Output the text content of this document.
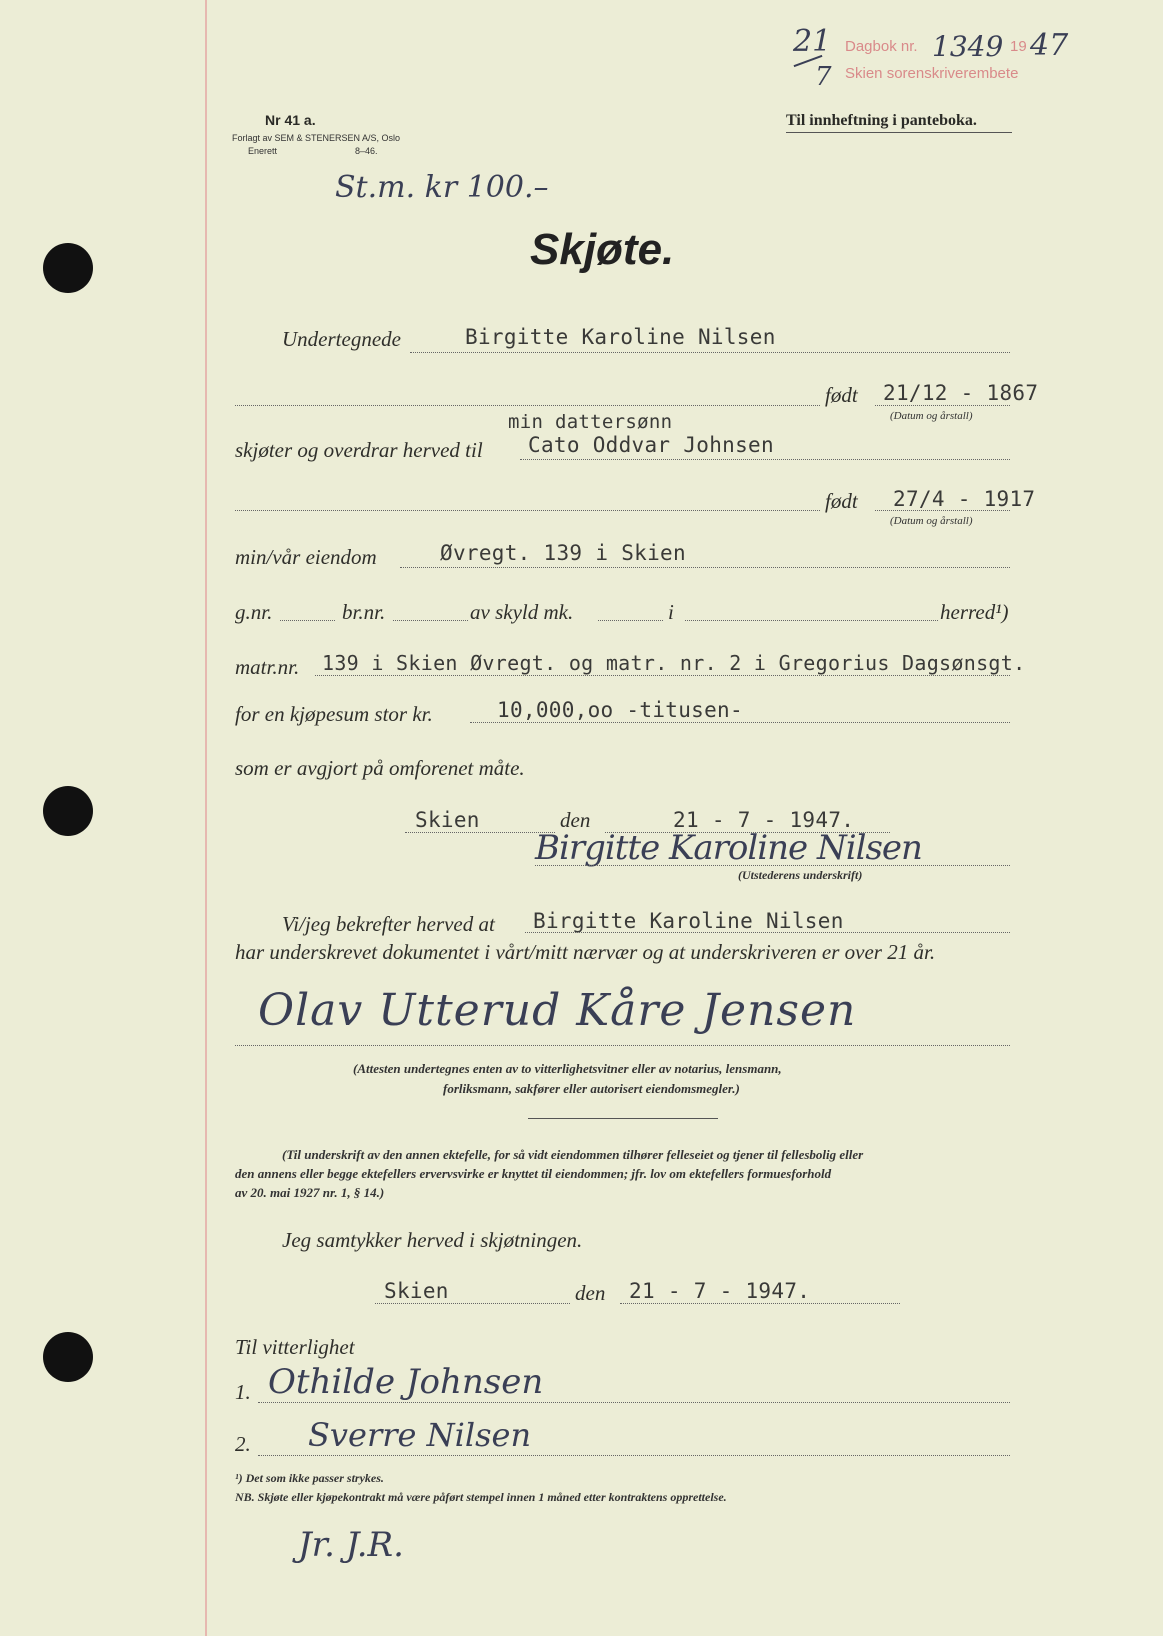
21
7
Dagbok nr. 1349 19 47
Skien sorenskriverembete
Nr 41 a.
Forlagt av SEM & STENERSEN A/S, Oslo
Enerett	8–46.
Til innheftning i panteboka.
St.m. kr 100.–
Skjøte.
Undertegnede	Birgitte Karoline Nilsen
født 21/12 - 1867
(Datum og årstall)
min dattersønn
skjøter og overdrar herved til Cato Oddvar Johnsen
født 27/4 - 1917
(Datum og årstall)
min/vår eiendom	Øvregt. 139 i Skien
g.nr.	br.nr.	av skyld mk.	i	herred¹)
matr.nr. 139 i Skien Øvregt. og matr. nr. 2 i Gregorius Dagsønsgt.
for en kjøpesum stor kr.	10,000,oo -titusen-
som er avgjort på omforenet måte.
Skien	den	21 - 7 - 1947.
Birgitte Karoline Nilsen
(Utstederens underskrift)
Vi/jeg bekrefter herved at Birgitte Karoline Nilsen
har underskrevet dokumentet i vårt/mitt nærvær og at underskriveren er over 21 år.
Olav Utterud Kåre Jensen
(Attesten undertegnes enten av to vitterlighetsvitner eller av notarius, lensmann,
forliksmann, sakfører eller autorisert eiendomsmegler.)
(Til underskrift av den annen ektefelle, for så vidt eiendommen tilhører felleseiet og tjener til fellesbolig eller
den annens eller begge ektefellers ervervsvirke er knyttet til eiendommen; jfr. lov om ektefellers formuesforhold
av 20. mai 1927 nr. 1, § 14.)
Jeg samtykker herved i skjøtningen.
Skien	den 21 - 7 - 1947.
Til vitterlighet
1. Othilde Johnsen
2. Sverre Nilsen
¹) Det som ikke passer strykes.
NB. Skjøte eller kjøpekontrakt må være påført stempel innen 1 måned etter kontraktens opprettelse.
Jr. J.R.
